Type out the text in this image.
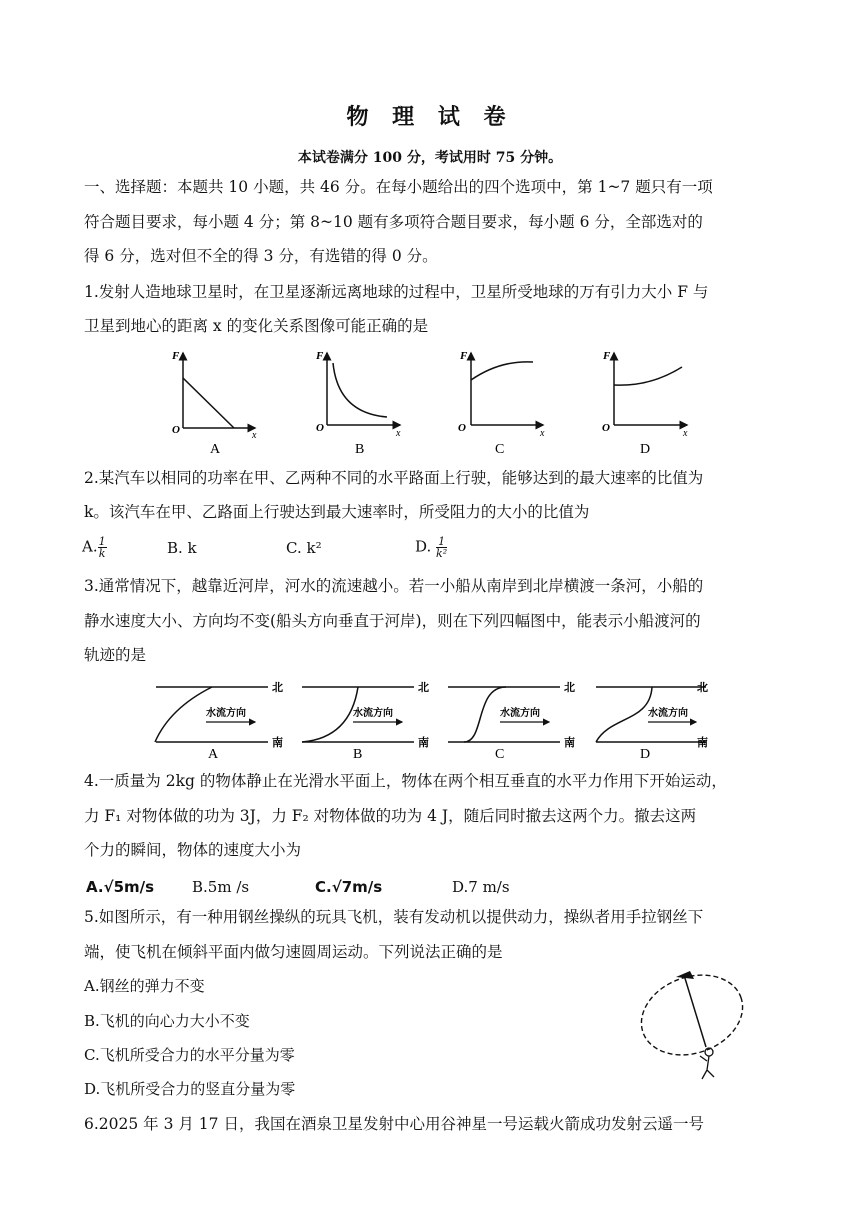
物 理 试 卷
本试卷满分 100 分，考试用时 75 分钟。
一、选择题：本题共 10 小题，共 46 分。在每小题给出的四个选项中，第 1~7 题只有一项
符合题目要求，每小题 4 分；第 8~10 题有多项符合题目要求，每小题 6 分，全部选对的
得 6 分，选对但不全的得 3 分，有选错的得 0 分。
1.发射人造地球卫星时，在卫星逐渐远离地球的过程中，卫星所受地球的万有引力大小 F 与
卫星到地心的距离 x 的变化关系图像可能正确的是
F
O	x
A
F
O	x
B
F
O	x
C
F
O	x
D
2.某汽车以相同的功率在甲、乙两种不同的水平路面上行驶，能够达到的最大速率的比值为
k。该汽车在甲、乙路面上行驶达到最大速率时，所受阻力的大小的比值为
A. $\frac{1}{k}$	B. k	C. k²	D. $\frac{1}{\text{k²}}$
3.通常情况下，越靠近河岸，河水的流速越小。若一小船从南岸到北岸横渡一条河，小船的
静水速度大小、方向均不变(船头方向垂直于河岸)，则在下列四幅图中，能表示小船渡河的
轨迹的是
北
南
水流方向
A
北
南
水流方向
B
北
南
水流方向
C
北
南
水流方向
D
4.一质量为 2kg 的物体静止在光滑水平面上，物体在两个相互垂直的水平力作用下开始运动，
力 F₁ 对物体做的功为 3J，力 F₂ 对物体做的功为 4 J，随后同时撤去这两个力。撤去这两
个力的瞬间，物体的速度大小为
A.√5m/s	B.5m /s	C.√7m/s	D.7 m/s
5.如图所示，有一种用钢丝操纵的玩具飞机，装有发动机以提供动力，操纵者用手拉钢丝下
端，使飞机在倾斜平面内做匀速圆周运动。下列说法正确的是
A.钢丝的弹力不变
B.飞机的向心力大小不变
C.飞机所受合力的水平分量为零
D.飞机所受合力的竖直分量为零
6.2025 年 3 月 17 日，我国在酒泉卫星发射中心用谷神星一号运载火箭成功发射云遥一号
